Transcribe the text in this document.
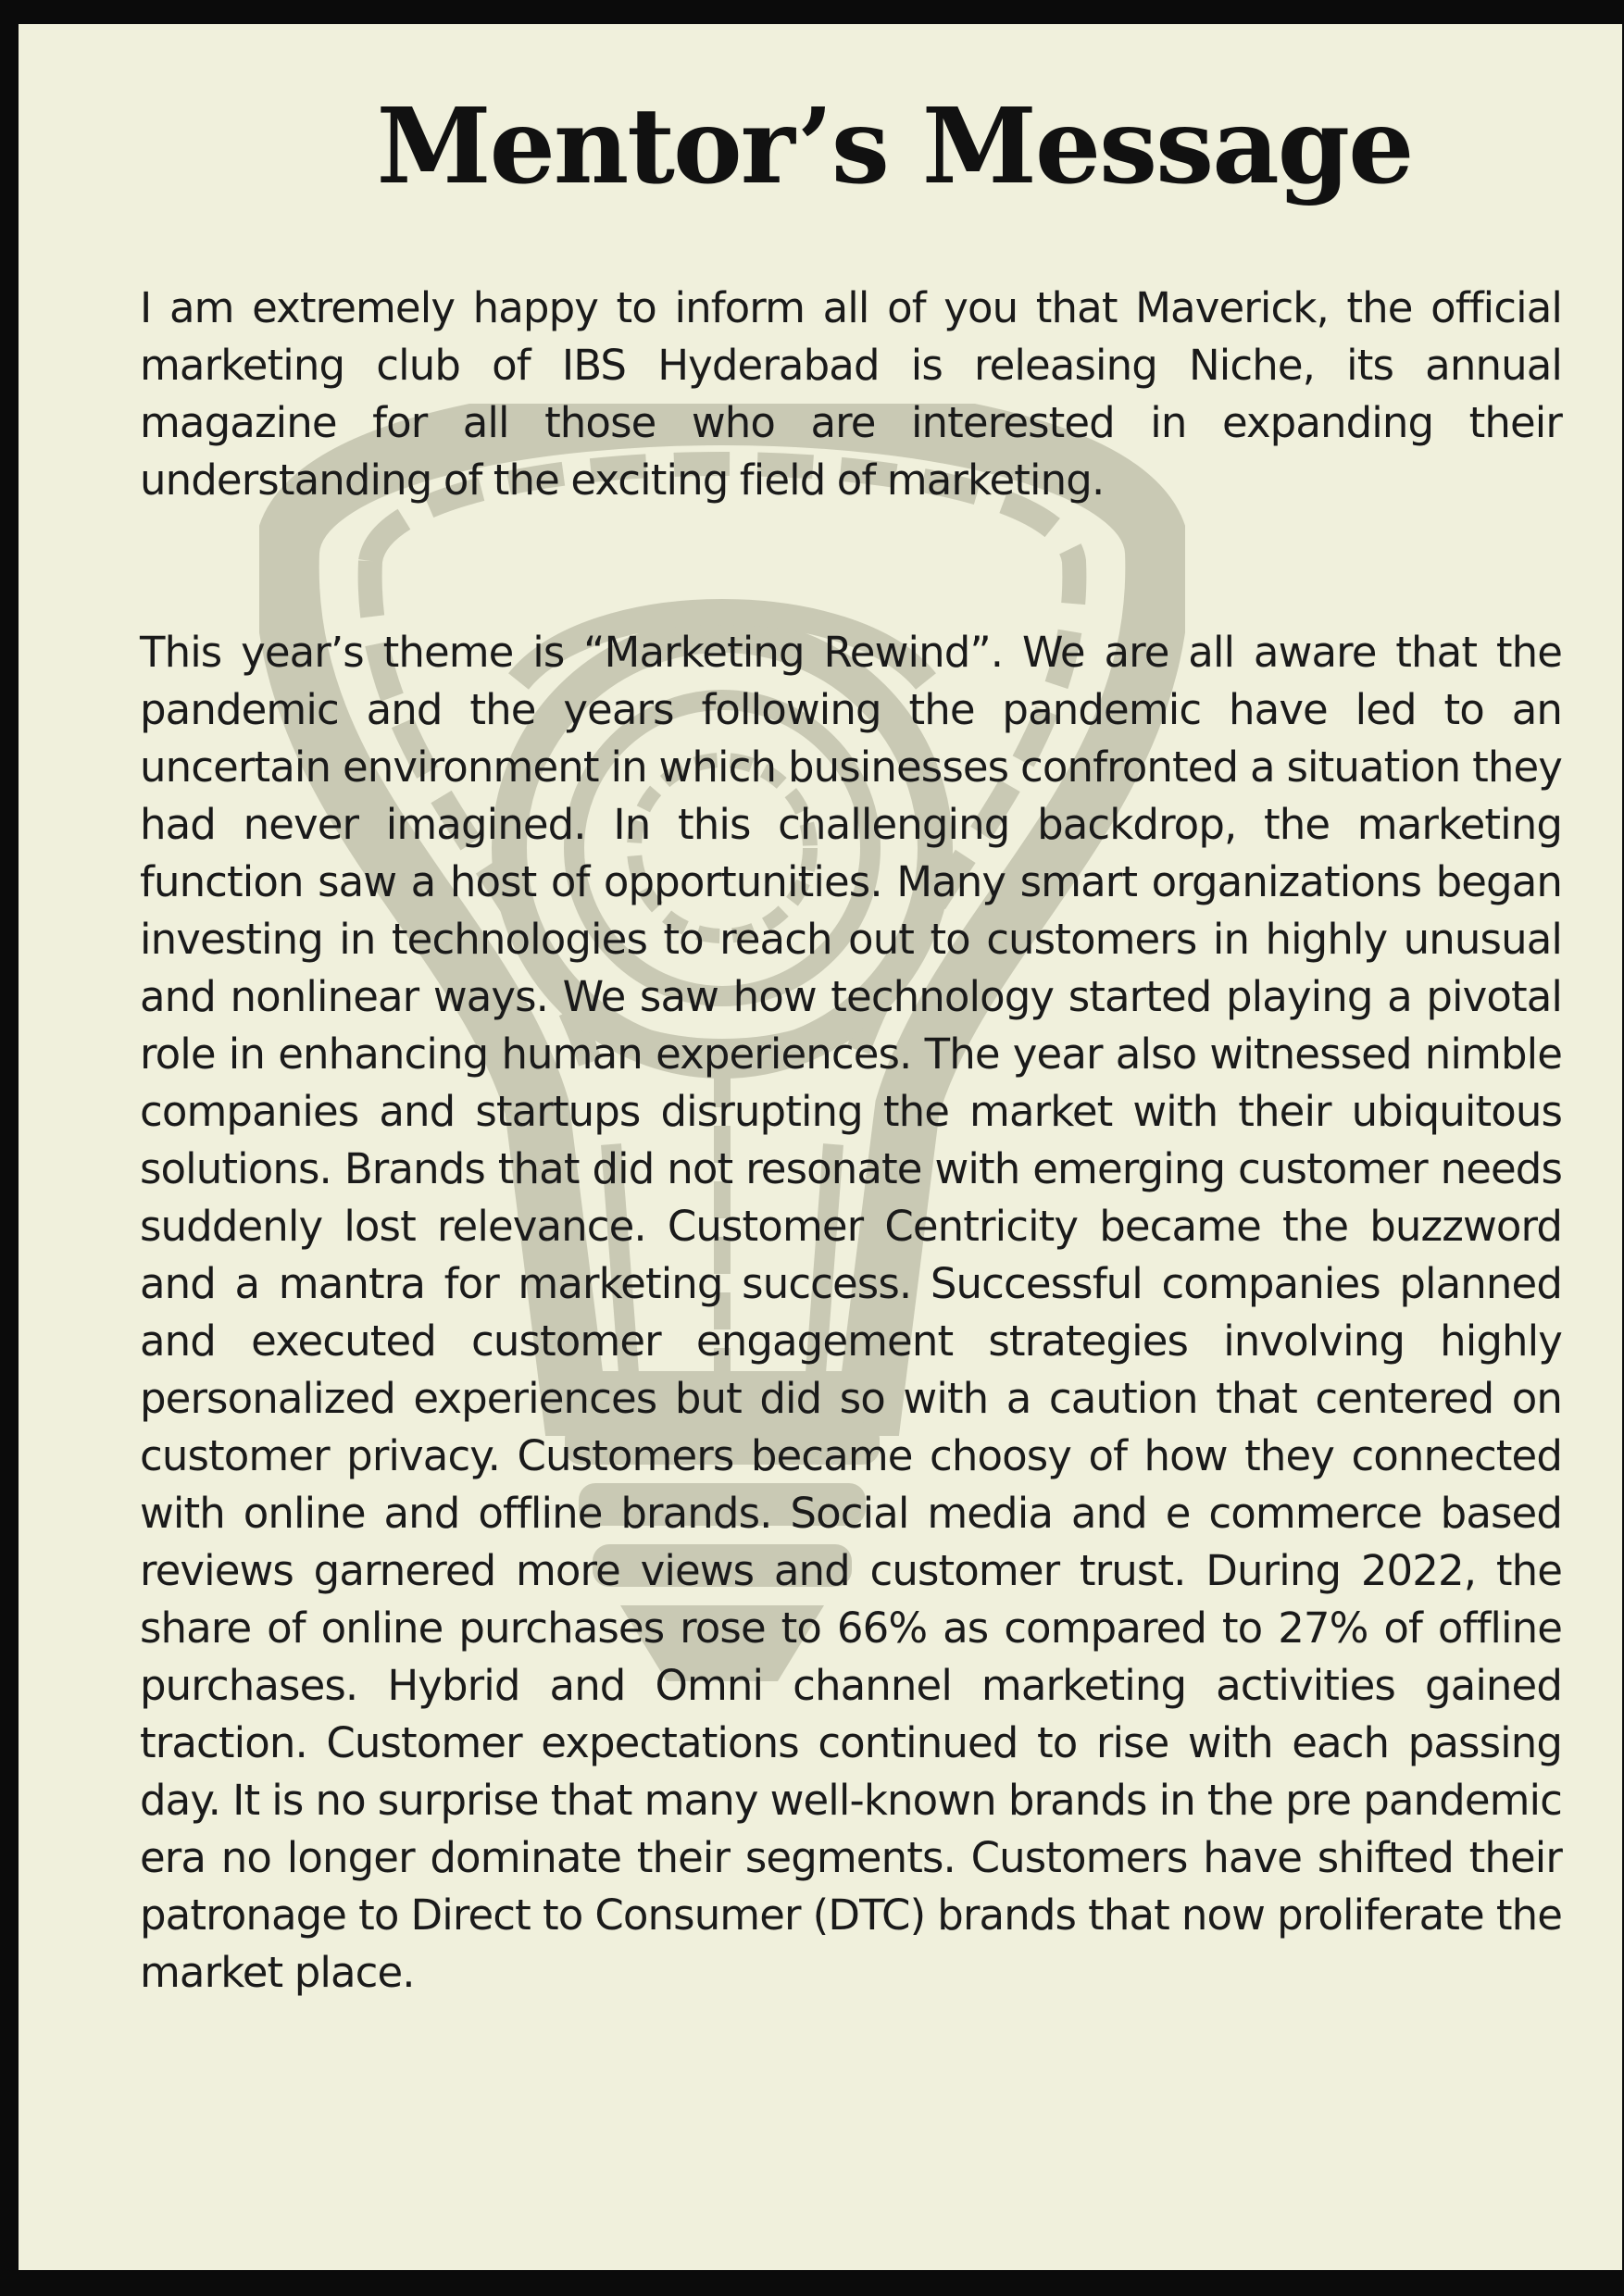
Mentor’s Message

I am extremely happy to inform all of you that Maverick, the official marketing club of IBS Hyderabad is releasing Niche, its annual magazine for all those who are interested in expanding their understanding of the exciting field of marketing.

This year’s theme is “Marketing Rewind”. We are all aware that the pandemic and the years following the pandemic have led to an uncertain environment in which businesses confronted a situation they had never imagined. In this challenging backdrop, the marketing function saw a host of opportunities. Many smart organizations began investing in technologies to reach out to customers in highly unusual and nonlinear ways. We saw how technology started playing a pivotal role in enhancing human experiences. The year also witnessed nimble companies and startups disrupting the market with their ubiquitous solutions. Brands that did not resonate with emerging customer needs suddenly lost relevance. Customer Centricity became the buzzword and a mantra for marketing success. Successful companies planned and executed customer engagement strategies involving highly personalized experiences but did so with a caution that centered on customer privacy. Customers became choosy of how they connected with online and offline brands. Social media and e commerce based reviews garnered more views and customer trust. During 2022, the share of online purchases rose to 66% as compared to 27% of offline purchases. Hybrid and Omni channel marketing activities gained traction. Customer expectations continued to rise with each passing day. It is no surprise that many well-known brands in the pre pandemic era no longer dominate their segments. Customers have shifted their patronage to Direct to Consumer (DTC) brands that now proliferate the market place.
